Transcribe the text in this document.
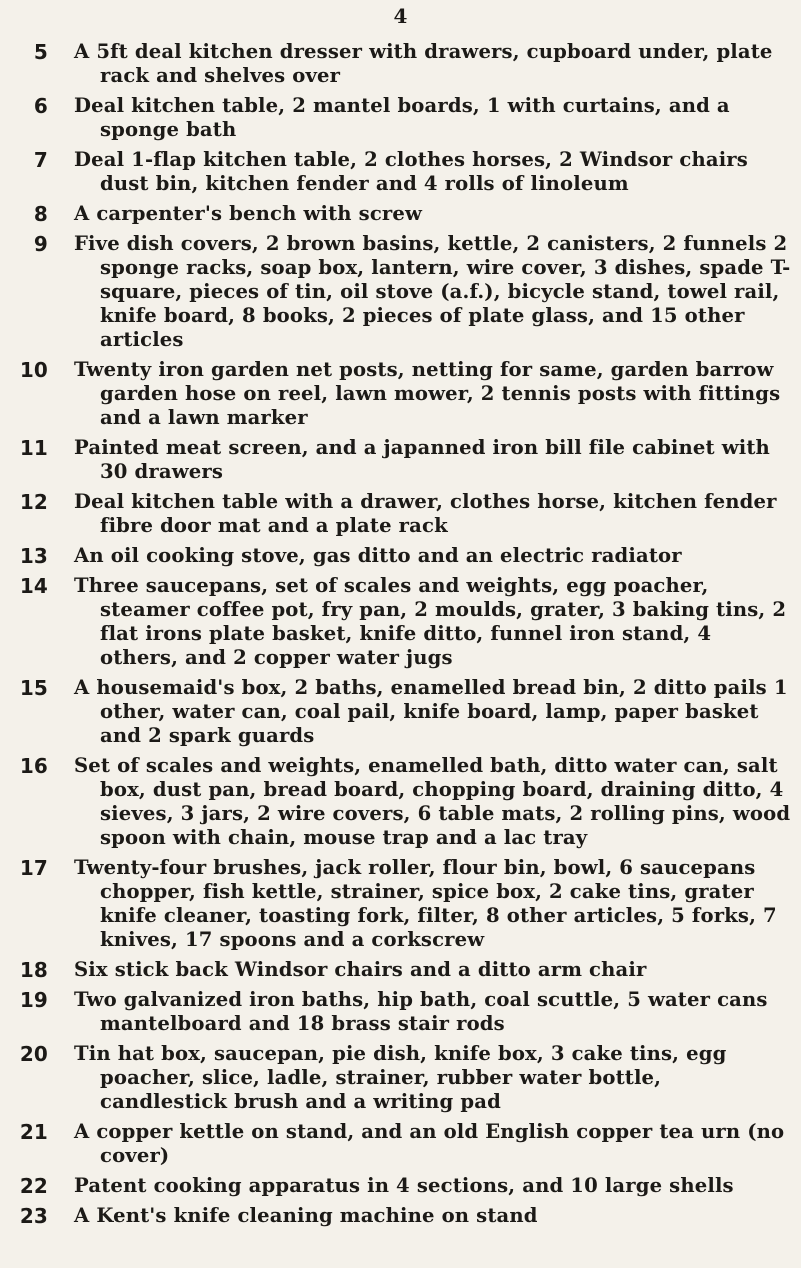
4
5 A 5ft deal kitchen dresser with drawers, cupboard under, plate rack and shelves over
6 Deal kitchen table, 2 mantel boards, 1 with curtains, and a sponge bath
7 Deal 1-flap kitchen table, 2 clothes horses, 2 Windsor chairs dust bin, kitchen fender and 4 rolls of linoleum
8 A carpenter's bench with screw
9 Five dish covers, 2 brown basins, kettle, 2 canisters, 2 funnels 2 sponge racks, soap box, lantern, wire cover, 3 dishes, spade T-square, pieces of tin, oil stove (a.f.), bicycle stand, towel rail, knife board, 8 books, 2 pieces of plate glass, and 15 other articles
10 Twenty iron garden net posts, netting for same, garden barrow garden hose on reel, lawn mower, 2 tennis posts with fittings and a lawn marker
11 Painted meat screen, and a japanned iron bill file cabinet with 30 drawers
12 Deal kitchen table with a drawer, clothes horse, kitchen fender fibre door mat and a plate rack
13 An oil cooking stove, gas ditto and an electric radiator
14 Three saucepans, set of scales and weights, egg poacher, steamer coffee pot, fry pan, 2 moulds, grater, 3 baking tins, 2 flat irons plate basket, knife ditto, funnel iron stand, 4 others, and 2 copper water jugs
15 A housemaid's box, 2 baths, enamelled bread bin, 2 ditto pails 1 other, water can, coal pail, knife board, lamp, paper basket and 2 spark guards
16 Set of scales and weights, enamelled bath, ditto water can, salt box, dust pan, bread board, chopping board, draining ditto, 4 sieves, 3 jars, 2 wire covers, 6 table mats, 2 rolling pins, wood spoon with chain, mouse trap and a lac tray
17 Twenty-four brushes, jack roller, flour bin, bowl, 6 saucepans chopper, fish kettle, strainer, spice box, 2 cake tins, grater knife cleaner, toasting fork, filter, 8 other articles, 5 forks, 7 knives, 17 spoons and a corkscrew
18 Six stick back Windsor chairs and a ditto arm chair
19 Two galvanized iron baths, hip bath, coal scuttle, 5 water cans mantelboard and 18 brass stair rods
20 Tin hat box, saucepan, pie dish, knife box, 3 cake tins, egg poacher, slice, ladle, strainer, rubber water bottle, candlestick brush and a writing pad
21 A copper kettle on stand, and an old English copper tea urn (no cover)
22 Patent cooking apparatus in 4 sections, and 10 large shells
23 A Kent's knife cleaning machine on stand
